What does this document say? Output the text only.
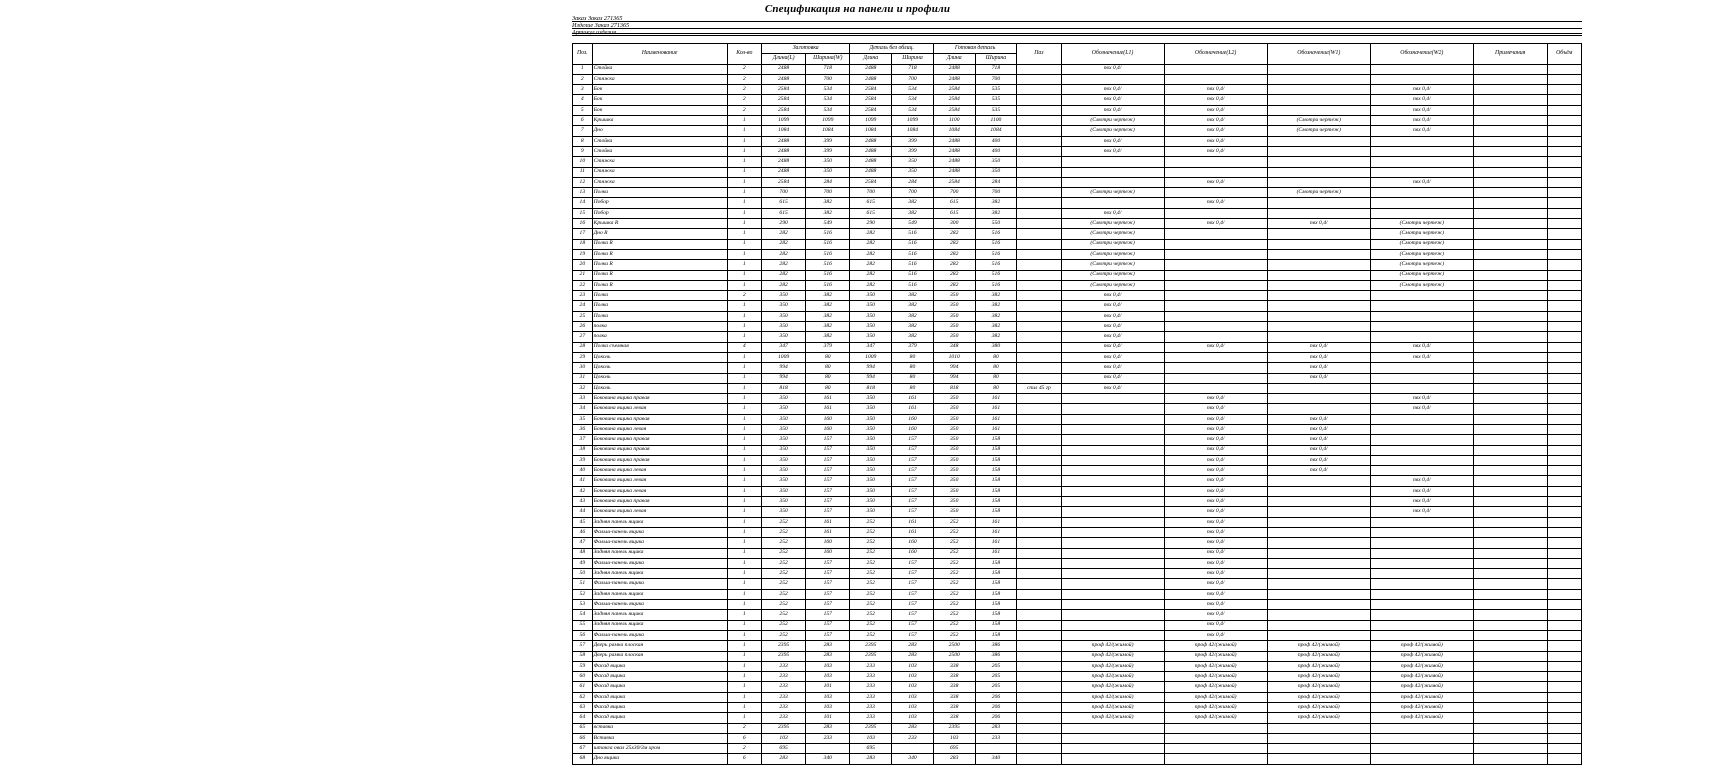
Спецификация на панели и профили
Заказ Заказ 271365
Изделие Заказ 271365
Артикул изделия
Поз.	Наименование	Кол-во	Заготовка		Деталь без облиц.		Готовая деталь		Паз	Обозначение(L1)	Обозначение(L2)	Обозначение(W1)	Обозначение(W2)	Примечания	Объём
			Длина(L)	Ширина(W)	Длина	Ширина	Длина	Ширина							
1	Стойка	2	2488	718	2488	718	2488	718		пвх 0,4/					
2	Стяжка	2	2488	700	2488	700	2488	700							
3	Бок	2	2584	534	2584	534	2584	535		пвх 0,4/	пвх 0,4/		пвх 0,4/		
4	Бок	2	2584	534	2584	534	2584	535		пвх 0,4/	пвх 0,4/		пвх 0,4/		
5	Бок	2	2584	534	2584	534	2584	535		пвх 0,4/	пвх 0,4/		пвх 0,4/		
6	Крышка	1	1099	1099	1099	1099	1100	1100		(Смотри чертеж)	пвх 0,4/	(Смотри чертеж)	пвх 0,4/		
7	Дно	1	1084	1084	1084	1084	1084	1084		(Смотри чертеж)	пвх 0,4/	(Смотри чертеж)	пвх 0,4/		
8	Стойка	1	2488	399	2488	399	2488	400		пвх 0,4/	пвх 0,4/				
9	Стойка	1	2488	399	2488	399	2488	400		пвх 0,4/	пвх 0,4/				
10	Стяжка	1	2488	350	2488	350	2488	350							
11	Стяжка	1	2488	350	2488	350	2488	350							
12	Стяжка	1	2584	284	2584	284	2584	284			пвх 0,4/		пвх 0,4/		
13	Полка	1	700	700	700	700	700	700		(Смотри чертеж)		(Смотри чертеж)			
14	Побор	1	615	382	615	382	615	382			пвх 0,4/				
15	Побор	1	615	382	615	382	615	382		пвх 0,4/					
16	Крышка R	1	290	549	290	549	300	550		(Смотри чертеж)	пвх 0,4/	пвх 0,4/	(Смотри чертеж)		
17	Дно R	1	282	516	282	516	282	516		(Смотри чертеж)			(Смотри чертеж)		
18	Полка R	1	282	516	282	516	282	516		(Смотри чертеж)			(Смотри чертеж)		
19	Полка R	1	282	516	282	516	282	516		(Смотри чертеж)			(Смотри чертеж)		
20	Полка R	1	282	516	282	516	282	516		(Смотри чертеж)			(Смотри чертеж)		
21	Полка R	1	282	516	282	516	282	516		(Смотри чертеж)			(Смотри чертеж)		
22	Полка R	1	282	516	282	516	282	516		(Смотри чертеж)			(Смотри чертеж)		
23	Полка	2	350	382	350	382	350	382		пвх 0,4/					
24	Полка	1	350	382	350	382	350	382		пвх 0,4/					
25	Полка	1	350	382	350	382	350	382		пвх 0,4/					
26	полка	1	350	382	350	382	350	382		пвх 0,4/					
27	полка	1	350	382	350	382	350	382		пвх 0,4/					
28	Полка съемная	4	347	379	347	379	348	380		пвх 0,4/	пвх 0,4/	пвх 0,4/	пвх 0,4/		
29	Цоколь	1	1009	80	1009	80	1010	80		пвх 0,4/		пвх 0,4/	пвх 0,4/		
30	Цоколь	1	994	80	994	80	994	80		пвх 0,4/		пвх 0,4/			
31	Цоколь	1	994	80	994	80	994	80		пвх 0,4/		пвх 0,4/			
32	Цоколь	1	818	80	818	80	818	80	спил 45 гр	пвх 0,4/					
33	Боковина ящика правая	1	350	161	350	161	350	161			пвх 0,4/		пвх 0,4/		
34	Боковина ящика левая	1	350	161	350	161	350	161			пвх 0,4/		пвх 0,4/		
35	Боковина ящика правая	1	350	160	350	160	350	161			пвх 0,4/	пвх 0,4/			
36	Боковина ящика левая	1	350	160	350	160	350	161			пвх 0,4/	пвх 0,4/			
37	Боковина ящика правая	1	350	157	350	157	350	158			пвх 0,4/	пвх 0,4/			
38	Боковина ящика правая	1	350	157	350	157	350	158			пвх 0,4/	пвх 0,4/			
39	Боковина ящика правая	1	350	157	350	157	350	158			пвх 0,4/	пвх 0,4/			
40	Боковина ящика левая	1	350	157	350	157	350	158			пвх 0,4/	пвх 0,4/			
41	Боковина ящика левая	1	350	157	350	157	350	158			пвх 0,4/		пвх 0,4/		
42	Боковина ящика левая	1	350	157	350	157	350	158			пвх 0,4/		пвх 0,4/		
43	Боковина ящика правая	1	350	157	350	157	350	158			пвх 0,4/		пвх 0,4/		
44	Боковина ящика левая	1	350	157	350	157	350	158			пвх 0,4/		пвх 0,4/		
45	Задняя панель ящика	1	252	161	252	161	252	161			пвх 0,4/				
46	Фальш-панель ящика	1	252	161	252	161	252	161			пвх 0,4/				
47	Фальш-панель ящика	1	252	160	252	160	252	161			пвх 0,4/				
48	Задняя панель ящика	1	252	160	252	160	252	161			пвх 0,4/				
49	Фальш-панель ящика	1	252	157	252	157	252	158			пвх 0,4/				
50	Задняя панель ящика	1	252	157	252	157	252	158			пвх 0,4/				
51	Фальш-панель ящика	1	252	157	252	157	252	158			пвх 0,4/				
52	Задняя панель ящика	1	252	157	252	157	252	158			пвх 0,4/				
53	Фальш-панель ящика	1	252	157	252	157	252	158			пвх 0,4/				
54	Задняя панель ящика	1	252	157	252	157	252	158			пвх 0,4/				
55	Задняя панель ящика	1	252	157	252	157	252	158			пвх 0,4/				
56	Фальш-панель ящика	1	252	157	252	157	252	158			пвх 0,4/				
57	Дверь рамка плоская	1	2395	283	2395	283	2500	386		проф 42/(жимой)	проф 42/(жимой)	проф 42/(жимой)	проф 42/(жимой)		
58	Дверь рамка плоская	1	2395	283	2395	283	2500	386		проф 42/(жимой)	проф 42/(жимой)	проф 42/(жимой)	проф 42/(жимой)		
59	Фасад ящика	1	233	103	233	103	338	205		проф 42/(жимой)	проф 42/(жимой)	проф 42/(жимой)	проф 42/(жимой)		
60	Фасад ящика	1	233	103	233	103	338	205		проф 42/(жимой)	проф 42/(жимой)	проф 42/(жимой)	проф 42/(жимой)		
61	Фасад ящика	1	233	101	233	103	338	205		проф 42/(жимой)	проф 42/(жимой)	проф 42/(жимой)	проф 42/(жимой)		
62	Фасад ящика	1	233	103	233	103	338	206		проф 42/(жимой)	проф 42/(жимой)	проф 42/(жимой)	проф 42/(жимой)		
63	Фасад ящика	1	233	103	233	103	338	206		проф 42/(жимой)	проф 42/(жимой)	проф 42/(жимой)	проф 42/(жимой)		
64	Фасад ящика	1	233	101	233	103	338	206		проф 42/(жимой)	проф 42/(жимой)	проф 42/(жимой)	проф 42/(жимой)		
65	вставка	2	2395	283	2395	283	2395	283							
66	Вставка	6	103	233	103	233	103	233							
67	штанга овал 25х30/3м хром	2	695		695		695								
68	Дно ящика	6	283	340	283	340	283	340							
